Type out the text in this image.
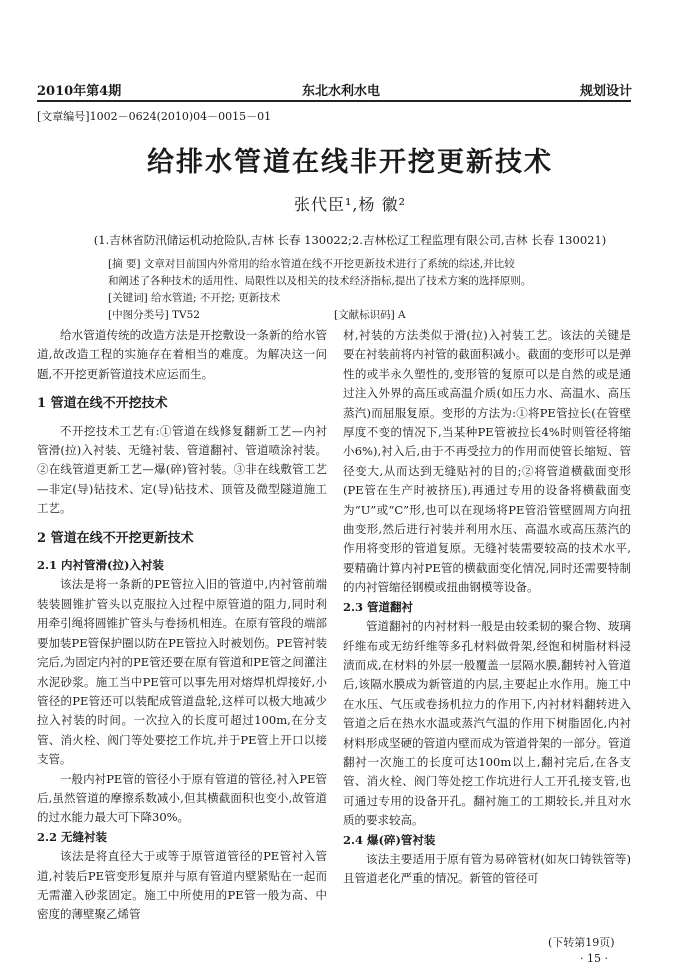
2010年第4期	东北水利水电	规划设计
[文章编号]1002－0624(2010)04－0015－01
给排水管道在线非开挖更新技术
张代臣¹,杨 徽²
(1.吉林省防汛储运机动抢险队,吉林 长春 130022;2.吉林松辽工程监理有限公司,吉林 长春 130021)
[摘 要] 文章对目前国内外常用的给水管道在线不开挖更新技术进行了系统的综述,并比较
和阐述了各种技术的适用性、局限性以及相关的技术经济指标,提出了技术方案的选择原则。
[关键词] 给水管道; 不开挖; 更新技术
[中图分类号] TV52	[文献标识码] A

给水管道传统的改造方法是开挖敷设一条新的给水管道,故改造工程的实施存在着相当的难度。为解决这一问题,不开挖更新管道技术应运而生。

1 管道在线不开挖技术

不开挖技术工艺有:①管道在线修复翻新工艺—内衬管滑(拉)入衬装、无缝衬装、管道翻衬、管道喷涂衬装。②在线管道更新工艺—爆(碎)管衬装。③非在线敷管工艺—非定(导)钻技术、定(导)钻技术、顶管及微型隧道施工工艺。

2 管道在线不开挖更新技术
2.1 内衬管滑(拉)入衬装

该法是将一条新的PE管拉入旧的管道中,内衬管前端装装圆锥扩管头以克服拉入过程中原管道的阻力,同时利用牵引绳将圆锥扩管头与卷扬机相连。在原有管段的端部要加装PE管保护圈以防在PE管拉入时被划伤。PE管衬装完后,为固定内衬的PE管还要在原有管道和PE管之间灌注水泥砂浆。施工当中PE管可以事先用对熔焊机焊接好,小管径的PE管还可以装配成管道盘轮,这样可以极大地减少拉入衬装的时间。一次拉入的长度可超过100m,在分支管、消火栓、阀门等处要挖工作坑,并于PE管上开口以接支管。

一般内衬PE管的管径小于原有管道的管径,衬入PE管后,虽然管道的摩擦系数减小,但其横截面积也变小,故管道的过水能力最大可下降30%。

2.2 无缝衬装

该法是将直径大于或等于原管道管径的PE管衬入管道,衬装后PE管变形复原并与原有管道内壁紧贴在一起而无需灌入砂浆固定。施工中所使用的PE管一般为高、中密度的薄壁聚乙烯管

材,衬装的方法类似于滑(拉)入衬装工艺。该法的关键是要在衬装前将内衬管的截面积减小。截面的变形可以是弹性的或半永久塑性的,变形管的复原可以是自然的或是通过注入外界的高压或高温介质(如压力水、高温水、高压蒸汽)而屈服复原。变形的方法为:①将PE管拉长(在管壁厚度不变的情况下,当某种PE管被拉长4%时则管径将缩小6%),衬入后,由于不再受拉力的作用而使管长缩短、管径变大,从而达到无缝贴衬的目的;②将管道横截面变形(PE管在生产时被挤压),再通过专用的设备将横截面变为“U”或“C”形,也可以在现场将PE管沿管壁圆周方向扭曲变形,然后进行衬装并利用水压、高温水或高压蒸汽的作用将变形的管道复原。无缝衬装需要较高的技术水平,要精确计算内衬PE管的横截面变化情况,同时还需要特制的内衬管缩径钢模或扭曲钢模等设备。

2.3 管道翻衬

管道翻衬的内衬材料一般是由较柔韧的聚合物、玻璃纤维布或无纺纤维等多孔材料做骨架,经饱和树脂材料浸渍而成,在材料的外层一般覆盖一层隔水膜,翻转衬入管道后,该隔水膜成为新管道的内层,主要起止水作用。施工中在水压、气压或卷扬机拉力的作用下,内衬材料翻转进入管道之后在热水水温或蒸汽气温的作用下树脂固化,内衬材料形成坚硬的管道内壁而成为管道骨架的一部分。管道翻衬一次施工的长度可达100m以上,翻衬完后,在各支管、消火栓、阀门等处挖工作坑进行人工开孔接支管,也可通过专用的设备开孔。翻衬施工的工期较长,并且对水质的要求较高。

2.4 爆(碎)管衬装

该法主要适用于原有管为易碎管材(如灰口铸铁管等)且管道老化严重的情况。新管的管径可

(下转第19页)
· 15 ·
